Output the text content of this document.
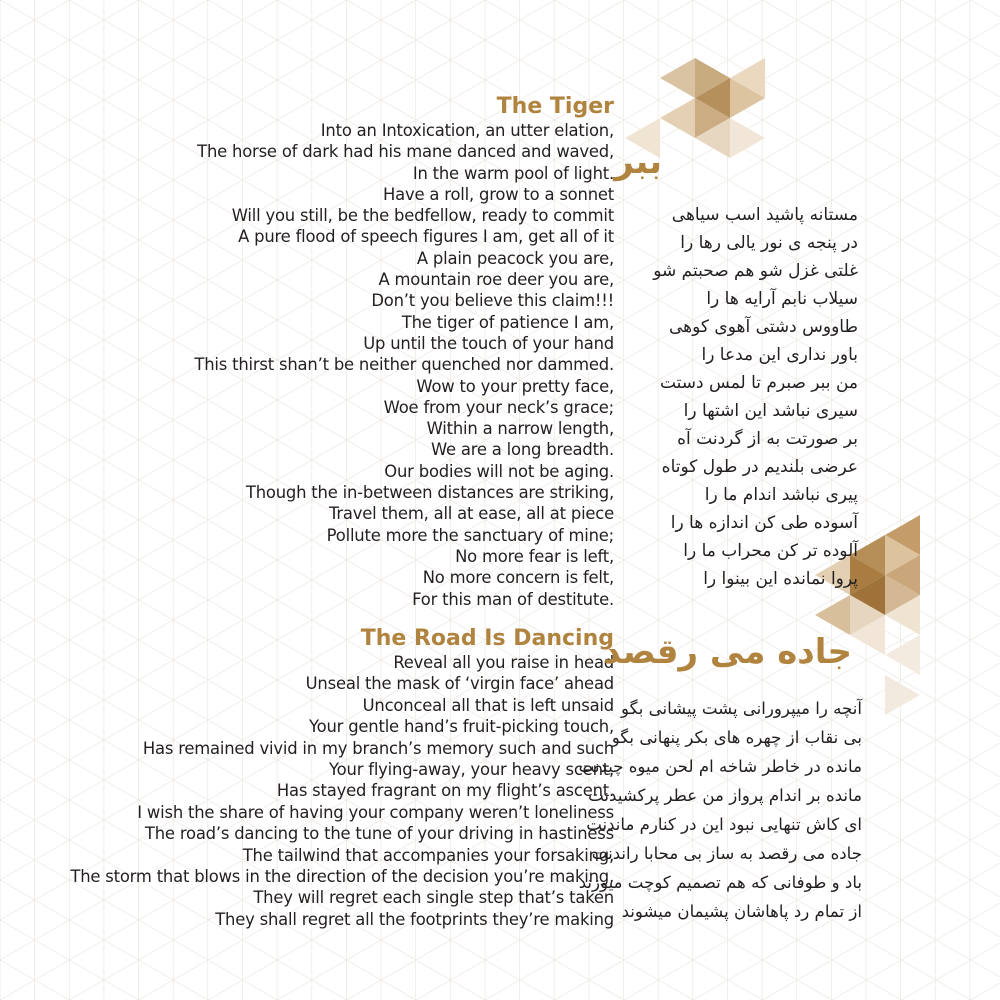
The Tiger
Into an Intoxication, an utter elation,
The horse of dark had his mane danced and waved,
In the warm pool of light.
Have a roll, grow to a sonnet
Will you still, be the bedfellow, ready to commit
A pure flood of speech figures I am, get all of it
A plain peacock you are,
A mountain roe deer you are,
Don’t you believe this claim!!!
The tiger of patience I am,
Up until the touch of your hand
This thirst shan’t be neither quenched nor dammed.
Wow to your pretty face,
Woe from your neck’s grace;
Within a narrow length,
We are a long breadth.
Our bodies will not be aging.
Though the in-between distances are striking,
Travel them, all at ease, all at piece
Pollute more the sanctuary of mine;
No more fear is left,
No more concern is felt,
For this man of destitute.
The Road Is Dancing
Reveal all you raise in head
Unseal the mask of ‘virgin face’ ahead
Unconceal all that is left unsaid
Your gentle hand’s fruit-picking touch,
Has remained vivid in my branch’s memory such and such
Your flying-away, your heavy scent,
Has stayed fragrant on my flight’s ascent.
I wish the share of having your company weren’t loneliness
The road’s dancing to the tune of your driving in hastiness
The tailwind that accompanies your forsaking,
The storm that blows in the direction of the decision you’re making,
They will regret each single step that’s taken
They shall regret all the footprints they’re making
ببر
مستانه پاشید اسب سیاهی
در پنجه ی نور یالی رها را
غلتی غزل شو هم صحبتم شو
سیلاب نابم آرایه ها را
طاووس دشتی آهوی کوهی
باور نداری این مدعا را
من ببر صبرم تا لمس دستت
سیری نباشد این اشتها را
بر صورتت به از گردنت آه
عرضی بلندیم در طول کوتاه
پیری نباشد اندام ما را
آسوده طی کن اندازه ها را
آلوده تر کن محراب ما را
پروا نمانده این بینوا را
جاده می رقصد
آنچه را میپرورانی پشت پیشانی بگو
بی نقاب از چهره های بکر پنهانی بگو
مانده در خاطر شاخه ام لحن میوه چیدنت
مانده بر اندام پرواز من عطر پرکشیدنت
ای کاش تنهایی نبود این در کنارم ماندنت
جاده می رقصد به ساز بی محابا راندنت
باد و طوفانی که هم تصمیم کوچت میوزند
از تمام رد پاهاشان پشیمان میشوند
